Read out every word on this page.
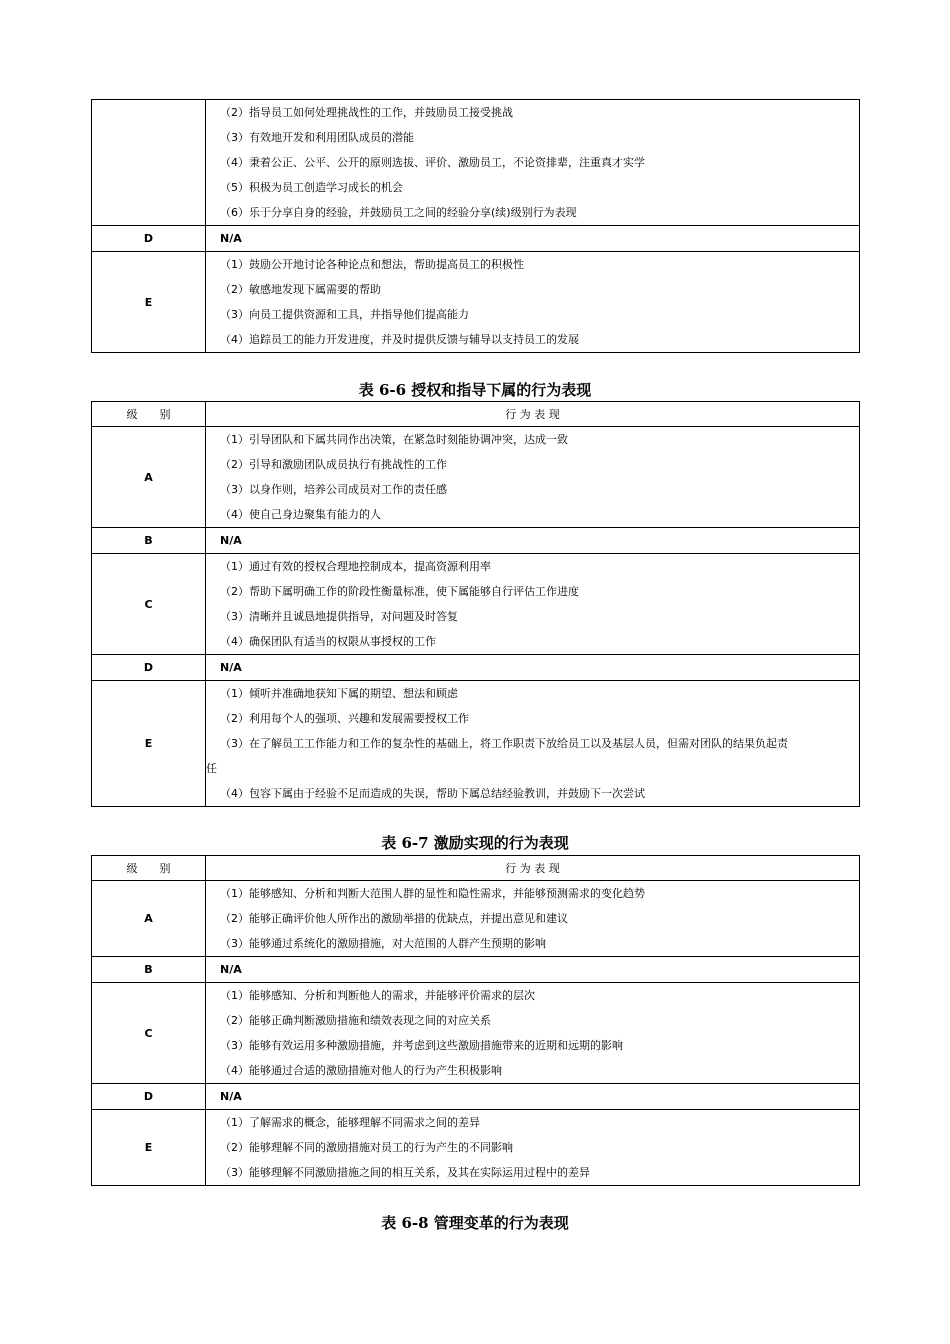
	（2）指导员工如何处理挑战性的工作，并鼓励员工接受挑战
（3）有效地开发和利用团队成员的潜能
（4）秉着公正、公平、公开的原则选拔、评价、激励员工，不论资排辈，注重真才实学
（5）积极为员工创造学习成长的机会
（6）乐于分享自身的经验，并鼓励员工之间的经验分享(续)级别行为表现

D	N/A

E	（1）鼓励公开地讨论各种论点和想法，帮助提高员工的积极性
（2）敏感地发现下属需要的帮助
（3）向员工提供资源和工具，并指导他们提高能力
（4）追踪员工的能力开发进度，并及时提供反馈与辅导以支持员工的发展
表 6-6 授权和指导下属的行为表现
级　　别	行 为 表 现
A	（1）引导团队和下属共同作出决策，在紧急时刻能协调冲突，达成一致
（2）引导和激励团队成员执行有挑战性的工作
（3）以身作则，培养公司成员对工作的责任感
（4）使自己身边聚集有能力的人

B	N/A

C	（1）通过有效的授权合理地控制成本，提高资源利用率
（2）帮助下属明确工作的阶段性衡量标准，使下属能够自行评估工作进度
（3）清晰并且诚恳地提供指导，对问题及时答复
（4）确保团队有适当的权限从事授权的工作

D	N/A

E	（1）倾听并准确地获知下属的期望、想法和顾虑
（2）利用每个人的强项、兴趣和发展需要授权工作
（3）在了解员工工作能力和工作的复杂性的基础上，将工作职责下放给员工以及基层人员，但需对团队的结果负起责
任
（4）包容下属由于经验不足而造成的失误，帮助下属总结经验教训，并鼓励下一次尝试
表 6-7 激励实现的行为表现
级　　别	行 为 表 现
A	（1）能够感知、分析和判断大范围人群的显性和隐性需求，并能够预测需求的变化趋势
（2）能够正确评价他人所作出的激励举措的优缺点，并提出意见和建议
（3）能够通过系统化的激励措施，对大范围的人群产生预期的影响

B	N/A

C	（1）能够感知、分析和判断他人的需求，并能够评价需求的层次
（2）能够正确判断激励措施和绩效表现之间的对应关系
（3）能够有效运用多种激励措施，并考虑到这些激励措施带来的近期和远期的影响
（4）能够通过合适的激励措施对他人的行为产生积极影响

D	N/A

E	（1）了解需求的概念，能够理解不同需求之间的差异
（2）能够理解不同的激励措施对员工的行为产生的不同影响
（3）能够理解不同激励措施之间的相互关系，及其在实际运用过程中的差异
表 6-8 管理变革的行为表现
